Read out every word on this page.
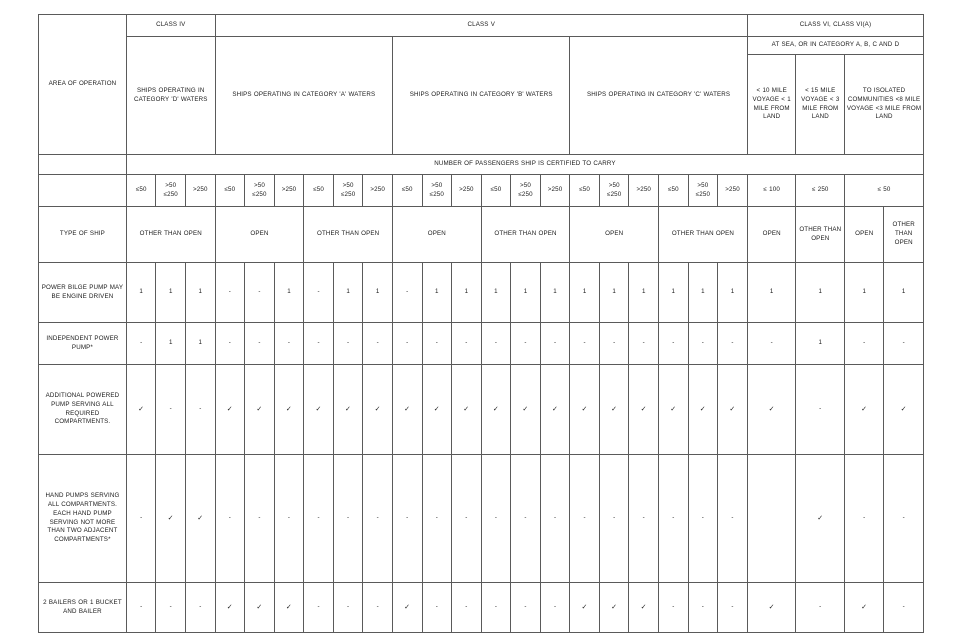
AREA OF OPERATION	CLASS IV			CLASS V																		CLASS VI, CLASS VI(A)			
	SHIPS OPERATING IN CATEGORY 'D' WATERS			SHIPS OPERATING IN CATEGORY 'A' WATERS						SHIPS OPERATING IN CATEGORY 'B' WATERS						SHIPS OPERATING IN CATEGORY 'C' WATERS						AT SEA, OR IN CATEGORY A, B, C AND D			
																						< 10 MILE VOYAGE < 1 MILE FROM LAND	< 15 MILE VOYAGE < 3 MILE FROM LAND	TO ISOLATED COMMUNITIES <8 MILE VOYAGE <3 MILE FROM LAND	
	NUMBER OF PASSENGERS SHIP IS CERTIFIED TO CARRY																								
	≤50	>50 ≤250	>250	≤50	>50 ≤250	>250	≤50	>50 ≤250	>250	≤50	>50 ≤250	>250	≤50	>50 ≤250	>250	≤50	>50 ≤250	>250	≤50	>50 ≤250	>250	≤ 100	≤ 250	≤ 50	
TYPE OF SHIP	OTHER THAN OPEN			OPEN			OTHER THAN OPEN			OPEN			OTHER THAN OPEN			OPEN			OTHER THAN OPEN			OPEN	OTHER THAN OPEN	OPEN	OTHER THAN OPEN
POWER BILGE PUMP MAY BE ENGINE DRIVEN	1	1	1	-	-	1	-	1	1	-	1	1	1	1	1	1	1	1	1	1	1	1	1	1	1
INDEPENDENT POWER PUMP*	-	1	1	-	-	-	-	-	-	-	-	-	-	-	-	-	-	-	-	-	-	-	1	-	-
ADDITIONAL POWERED PUMP SERVING ALL REQUIRED COMPARTMENTS.	✓	-	-	✓	✓	✓	✓	✓	✓	✓	✓	✓	✓	✓	✓	✓	✓	✓	✓	✓	✓	✓	-	✓	✓
HAND PUMPS SERVING ALL COMPARTMENTS. EACH HAND PUMP SERVING NOT MORE THAN TWO ADJACENT COMPARTMENTS*	-	✓	✓	-	-	-	-	-	-	-	-	-	-	-	-	-	-	-	-	-	-		✓	-	-
2 BAILERS OR 1 BUCKET AND BAILER	-	-	-	✓	✓	✓	-	-	-	✓	-	-	-	-	-	✓	✓	✓	-	-	-	✓	-	✓	-
